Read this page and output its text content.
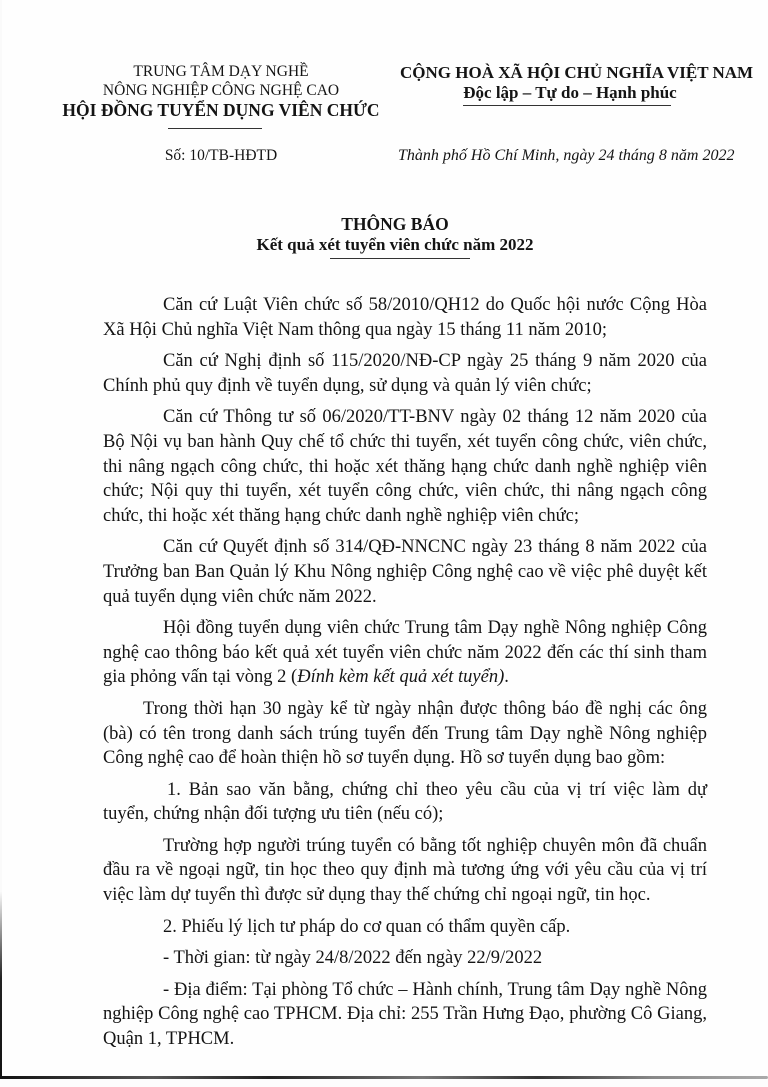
TRUNG TÂM DẠY NGHỀ
NÔNG NGHIỆP CÔNG NGHỆ CAO
HỘI ĐỒNG TUYỂN DỤNG VIÊN CHỨC
Số: 10/TB-HĐTD
CỘNG HOÀ XÃ HỘI CHỦ NGHĨA VIỆT NAM
Độc lập – Tự do – Hạnh phúc
Thành phố Hồ Chí Minh, ngày 24 tháng 8 năm 2022
THÔNG BÁO
Kết quả xét tuyển viên chức năm 2022

Căn cứ Luật Viên chức số 58/2010/QH12 do Quốc hội nước Cộng Hòa Xã Hội Chủ nghĩa Việt Nam thông qua ngày 15 tháng 11 năm 2010;

Căn cứ Nghị định số 115/2020/NĐ-CP ngày 25 tháng 9 năm 2020 của Chính phủ quy định về tuyển dụng, sử dụng và quản lý viên chức;

Căn cứ Thông tư số 06/2020/TT-BNV ngày 02 tháng 12 năm 2020 của Bộ Nội vụ ban hành Quy chế tổ chức thi tuyển, xét tuyển công chức, viên chức, thi nâng ngạch công chức, thi hoặc xét thăng hạng chức danh nghề nghiệp viên chức; Nội quy thi tuyển, xét tuyển công chức, viên chức, thi nâng ngạch công chức, thi hoặc xét thăng hạng chức danh nghề nghiệp viên chức;

Căn cứ Quyết định số 314/QĐ-NNCNC ngày 23 tháng 8 năm 2022 của Trưởng ban Ban Quản lý Khu Nông nghiệp Công nghệ cao về việc phê duyệt kết quả tuyển dụng viên chức năm 2022.

Hội đồng tuyển dụng viên chức Trung tâm Dạy nghề Nông nghiệp Công nghệ cao thông báo kết quả xét tuyển viên chức năm 2022 đến các thí sinh tham gia phỏng vấn tại vòng 2 (Đính kèm kết quả xét tuyển).

Trong thời hạn 30 ngày kể từ ngày nhận được thông báo đề nghị các ông (bà) có tên trong danh sách trúng tuyển đến Trung tâm Dạy nghề Nông nghiệp Công nghệ cao để hoàn thiện hồ sơ tuyển dụng. Hồ sơ tuyển dụng bao gồm:

1. Bản sao văn bằng, chứng chỉ theo yêu cầu của vị trí việc làm dự tuyển, chứng nhận đối tượng ưu tiên (nếu có);

Trường hợp người trúng tuyển có bằng tốt nghiệp chuyên môn đã chuẩn đầu ra về ngoại ngữ, tin học theo quy định mà tương ứng với yêu cầu của vị trí việc làm dự tuyển thì được sử dụng thay thế chứng chỉ ngoại ngữ, tin học.

2. Phiếu lý lịch tư pháp do cơ quan có thẩm quyền cấp.

- Thời gian: từ ngày 24/8/2022 đến ngày 22/9/2022

- Địa điểm: Tại phòng Tổ chức – Hành chính, Trung tâm Dạy nghề Nông nghiệp Công nghệ cao TPHCM. Địa chỉ: 255 Trần Hưng Đạo, phường Cô Giang, Quận 1, TPHCM.
